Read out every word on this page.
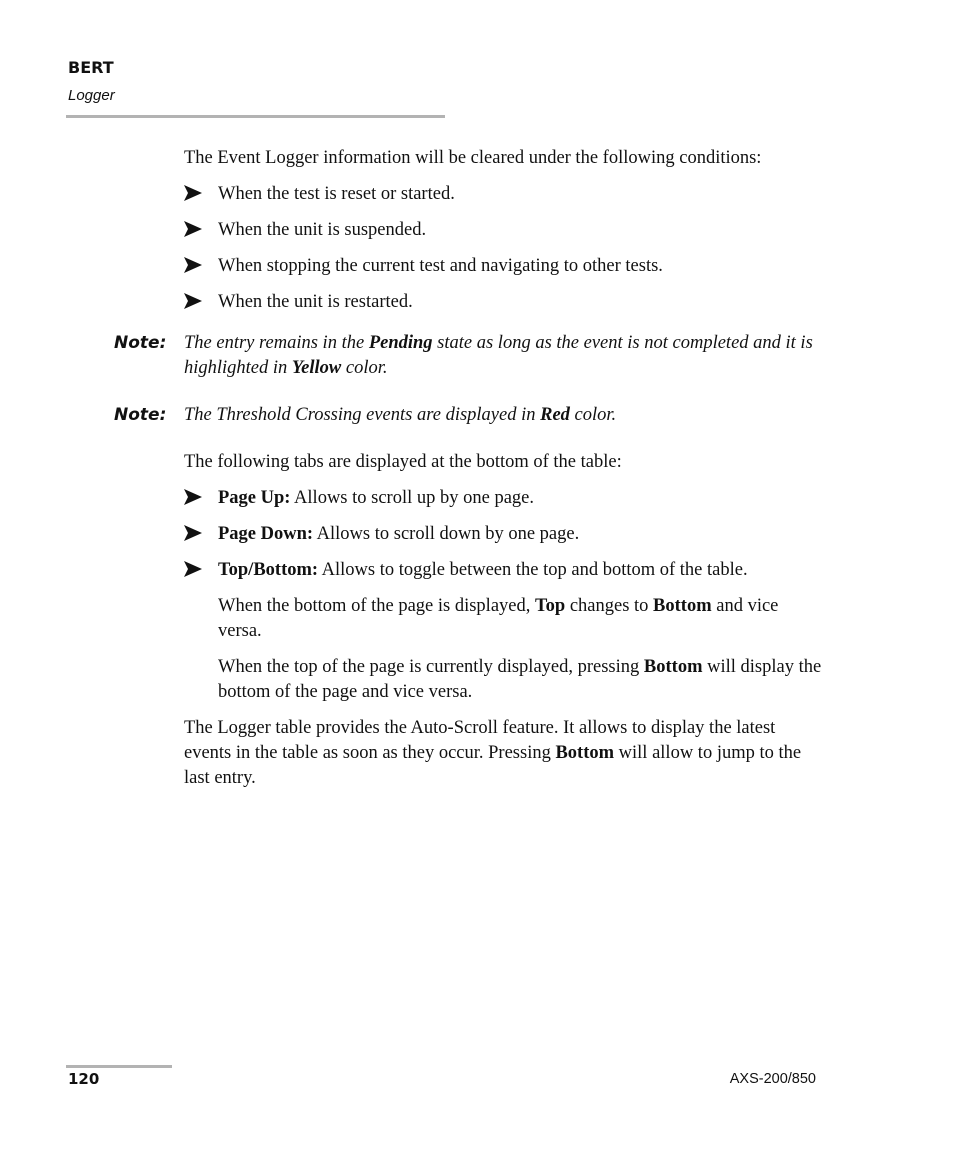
BERT
Logger

The Event Logger information will be cleared under the following conditions:

When the test is reset or started.
When the unit is suspended.
When stopping the current test and navigating to other tests.
When the unit is restarted.
Note: The entry remains in the Pending state as long as the event is not completed and it is highlighted in Yellow color.
Note: The Threshold Crossing events are displayed in Red color.

The following tabs are displayed at the bottom of the table:

Page Up: Allows to scroll up by one page.
Page Down: Allows to scroll down by one page.
Top/Bottom: Allows to toggle between the top and bottom of the table.

When the bottom of the page is displayed, Top changes to Bottom and vice versa.

When the top of the page is currently displayed, pressing Bottom will display the bottom of the page and vice versa.

The Logger table provides the Auto-Scroll feature. It allows to display the latest events in the table as soon as they occur. Pressing Bottom will allow to jump to the last entry.

120	AXS-200/850
